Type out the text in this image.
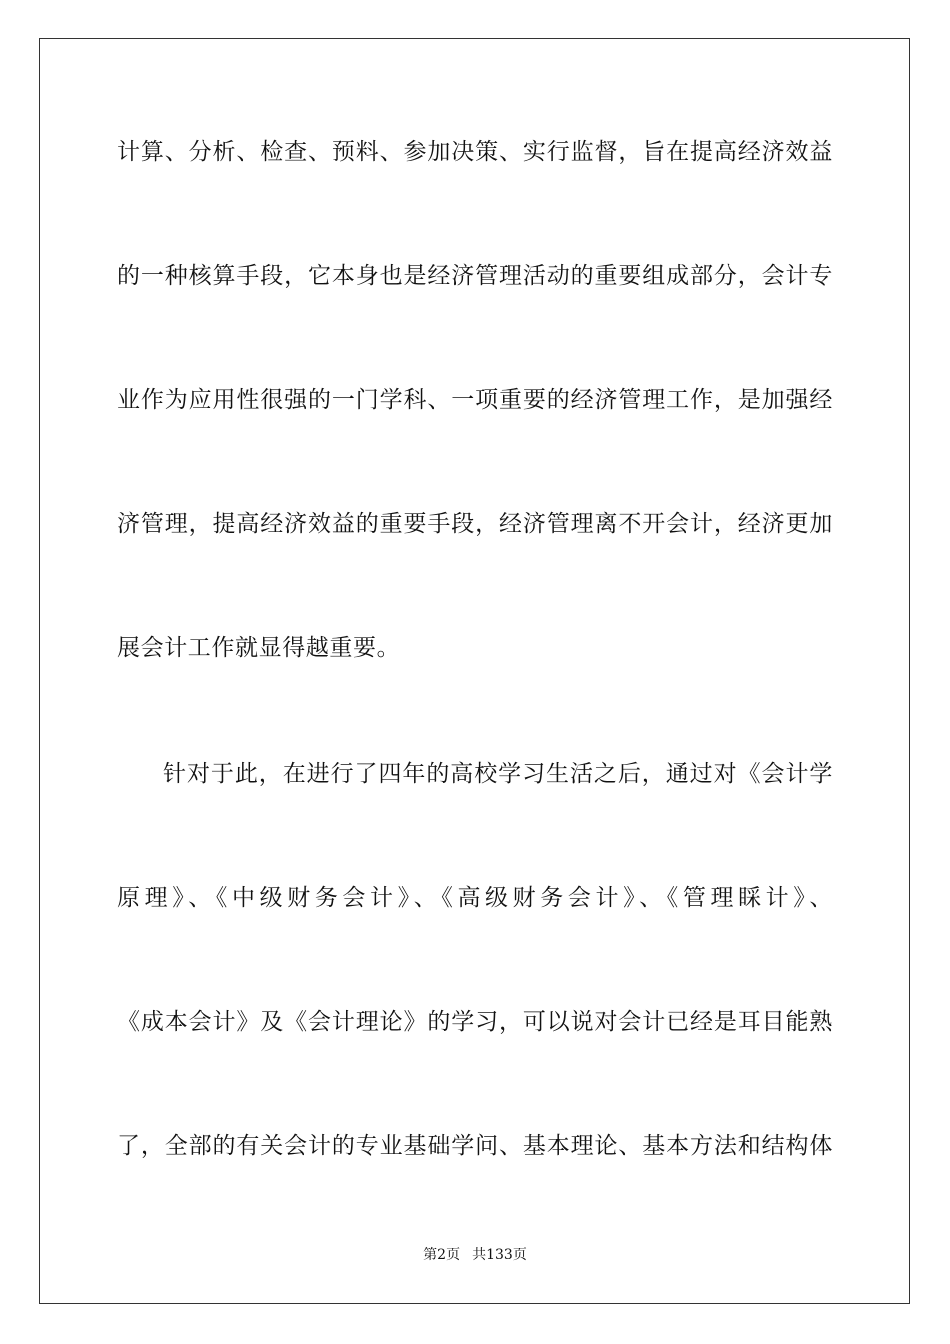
计算、分析、检查、预料、参加决策、实行监督，旨在提高经济效益
的一种核算手段，它本身也是经济管理活动的重要组成部分，会计专
业作为应用性很强的一门学科、一项重要的经济管理工作，是加强经
济管理，提高经济效益的重要手段，经济管理离不开会计，经济更加
展会计工作就显得越重要。
针对于此，在进行了四年的高校学习生活之后，通过对《会计学
原理》、《中级财务会计》、《高级财务会计》、《管理睬计》、
《成本会计》及《会计理论》的学习，可以说对会计已经是耳目能熟
了，全部的有关会计的专业基础学问、基本理论、基本方法和结构体
第2页 共133页
